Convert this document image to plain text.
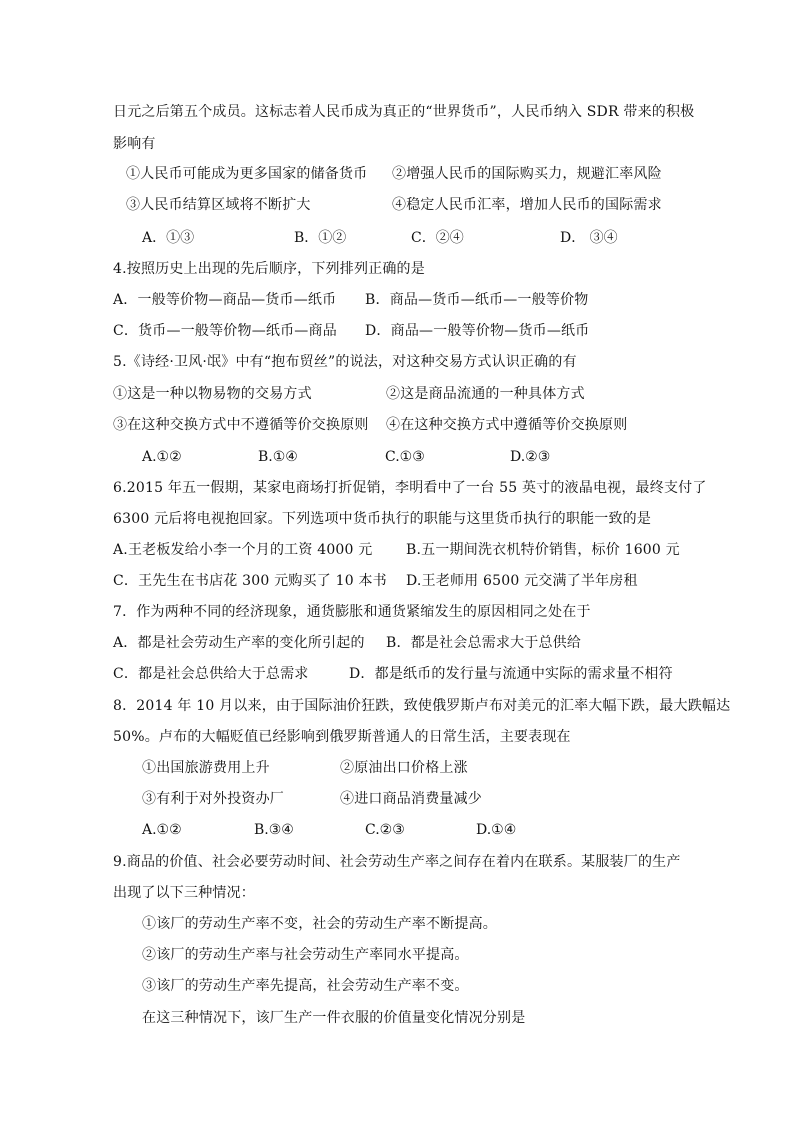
日元之后第五个成员。这标志着人民币成为真正的“世界货币”，人民币纳入 SDR 带来的积极
影响有
①人民币可能成为更多国家的储备货币 ②增强人民币的国际购买力，规避汇率风险
③人民币结算区域将不断扩大	④稳定人民币汇率，增加人民币的国际需求
A．①③	B．①②	C．②④	D． ③④
4.按照历史上出现的先后顺序，下列排列正确的是
A．一般等价物—商品—货币—纸币 B．商品—货币—纸币—一般等价物
C．货币—一般等价物—纸币—商品 D．商品—一般等价物—货币—纸币
5.《诗经·卫风·氓》中有“抱布贸丝”的说法，对这种交易方式认识正确的有
①这是一种以物易物的交易方式	②这是商品流通的一种具体方式
③在这种交换方式中不遵循等价交换原则 ④在这种交换方式中遵循等价交换原则
A.①②	B.①④	C.①③	D.②③
6.2015 年五一假期，某家电商场打折促销，李明看中了一台 55 英寸的液晶电视，最终支付了
6300 元后将电视抱回家。下列选项中货币执行的职能与这里货币执行的职能一致的是
A.王老板发给小李一个月的工资 4000 元 B.五一期间洗衣机特价销售，标价 1600 元
C．王先生在书店花 300 元购买了 10 本书 D.王老师用 6500 元交满了半年房租
7．作为两种不同的经济现象，通货膨胀和通货紧缩发生的原因相同之处在于
A．都是社会劳动生产率的变化所引起的 B．都是社会总需求大于总供给
C．都是社会总供给大于总需求	D．都是纸币的发行量与流通中实际的需求量不相符
8．2014 年 10 月以来，由于国际油价狂跌，致使俄罗斯卢布对美元的汇率大幅下跌，最大跌幅达
50%。卢布的大幅贬值已经影响到俄罗斯普通人的日常生活，主要表现在
①出国旅游费用上升	②原油出口价格上涨
③有利于对外投资办厂	④进口商品消费量减少
A.①②	B.③④	C.②③	D.①④
9.商品的价值、社会必要劳动时间、社会劳动生产率之间存在着内在联系。某服装厂的生产
出现了以下三种情况：
①该厂的劳动生产率不变，社会的劳动生产率不断提高。
②该厂的劳动生产率与社会劳动生产率同水平提高。
③该厂的劳动生产率先提高，社会劳动生产率不变。
在这三种情况下，该厂生产一件衣服的价值量变化情况分别是
